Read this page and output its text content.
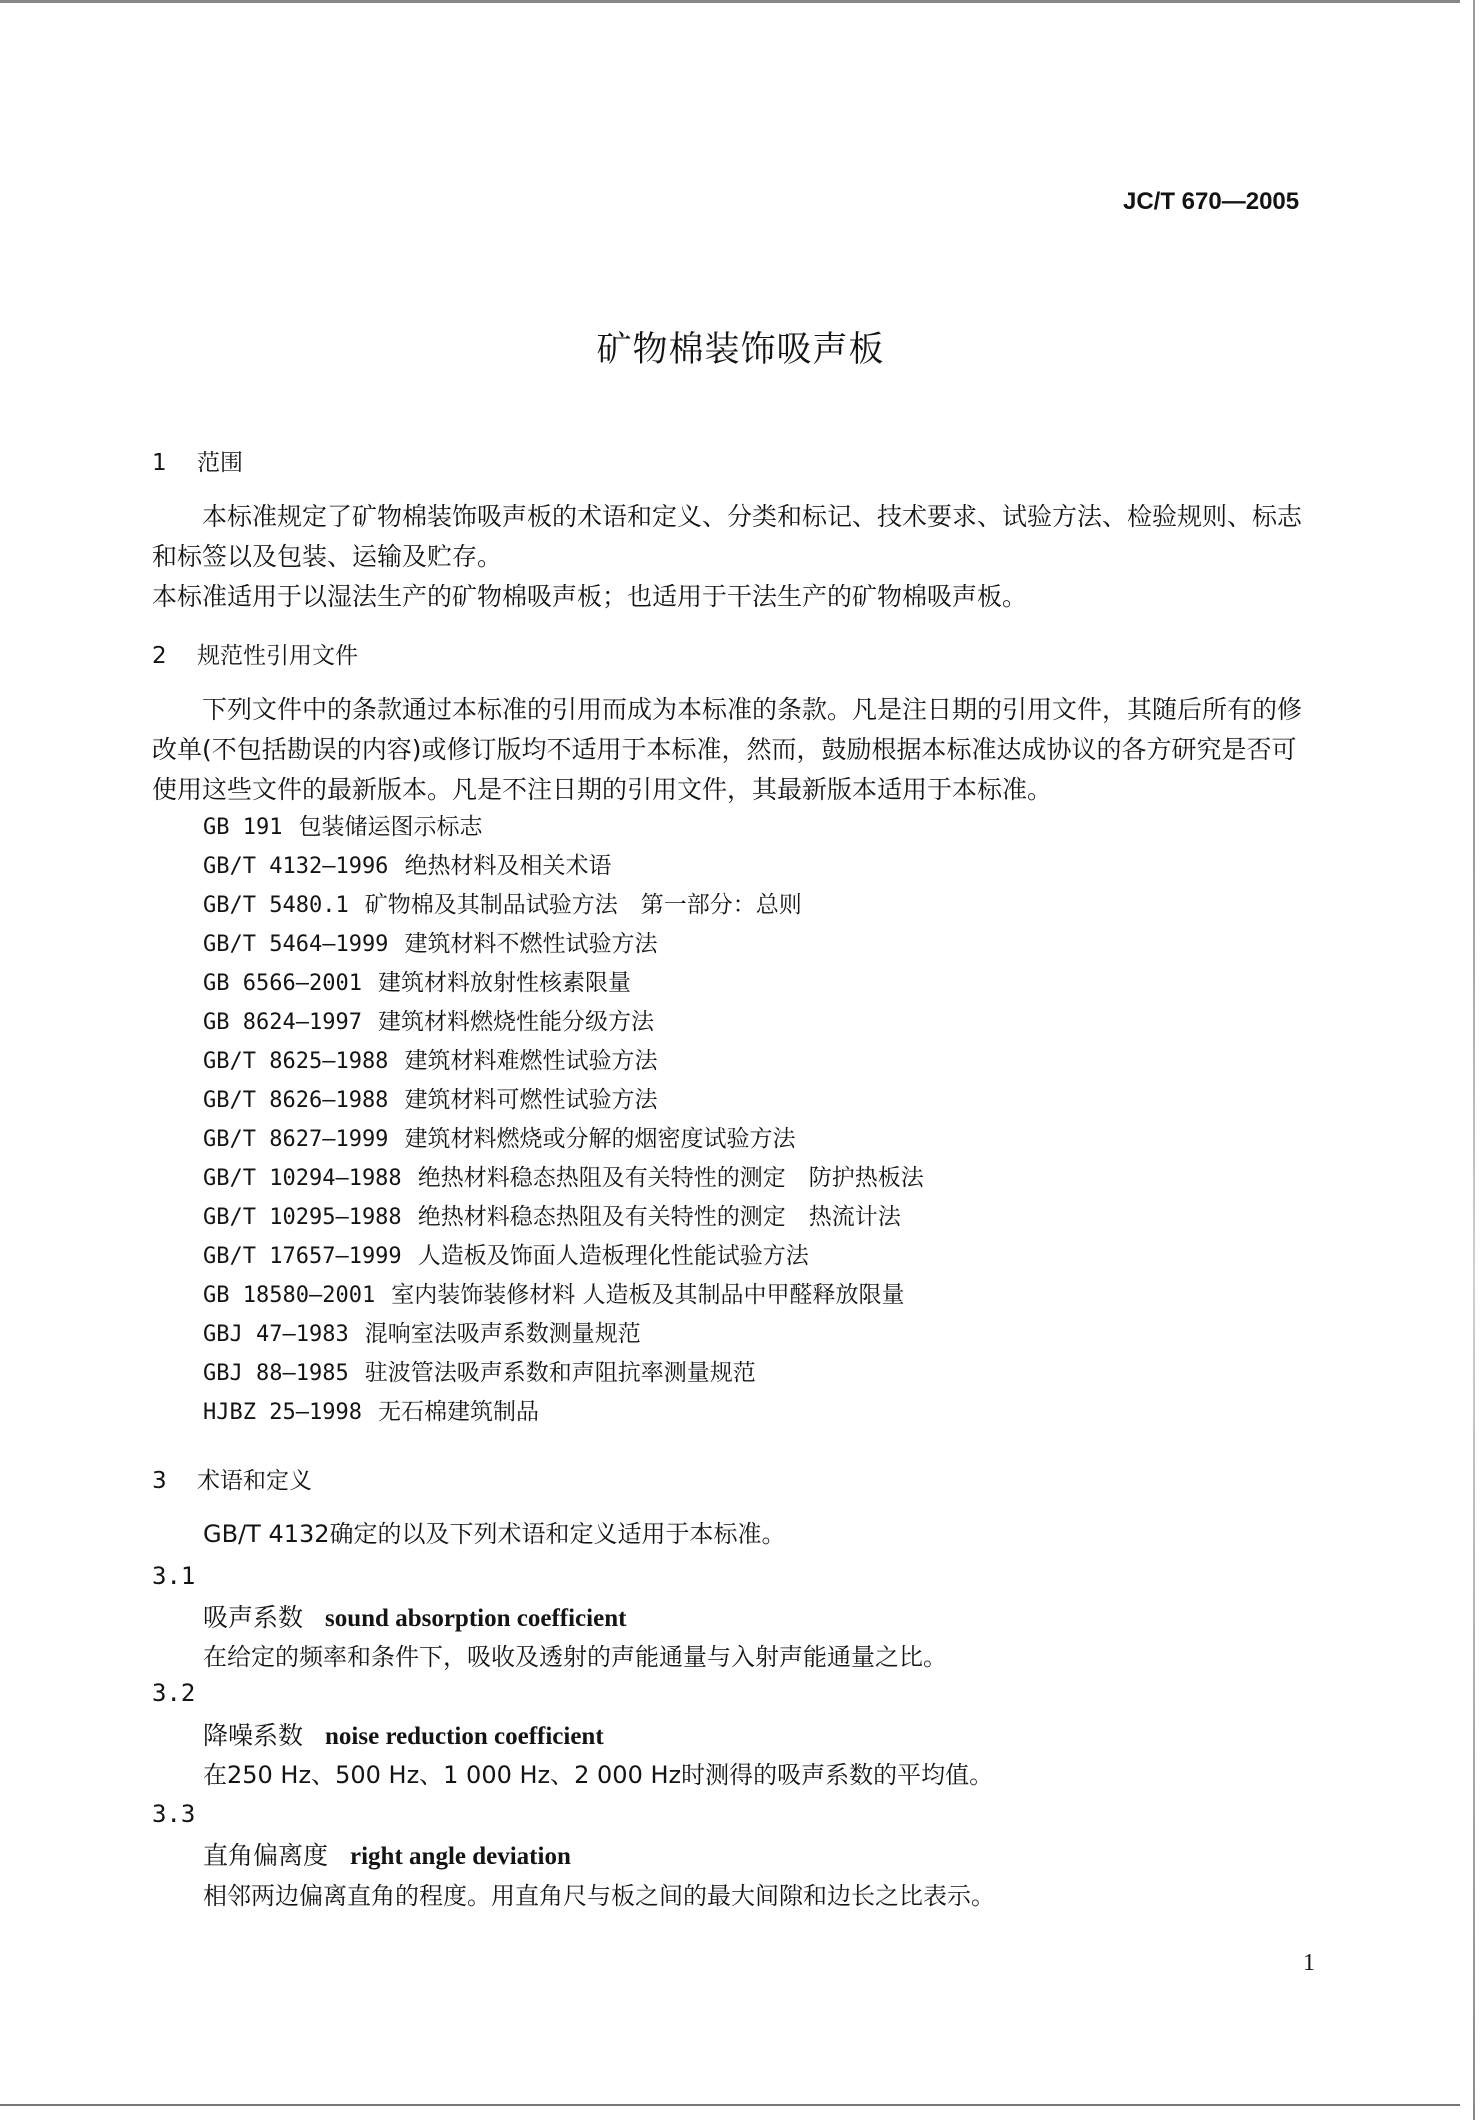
JC/T 670—2005
矿物棉装饰吸声板
1 范围
本标准规定了矿物棉装饰吸声板的术语和定义、分类和标记、技术要求、试验方法、检验规则、标志和标签以及包装、运输及贮存。
本标准适用于以湿法生产的矿物棉吸声板；也适用于干法生产的矿物棉吸声板。
2 规范性引用文件
下列文件中的条款通过本标准的引用而成为本标准的条款。凡是注日期的引用文件，其随后所有的修改单(不包括勘误的内容)或修订版均不适用于本标准，然而，鼓励根据本标准达成协议的各方研究是否可使用这些文件的最新版本。凡是不注日期的引用文件，其最新版本适用于本标准。
GB 191 包装储运图示标志
GB/T 4132—1996 绝热材料及相关术语
GB/T 5480.1 矿物棉及其制品试验方法　第一部分：总则
GB/T 5464—1999 建筑材料不燃性试验方法
GB 6566—2001 建筑材料放射性核素限量
GB 8624—1997 建筑材料燃烧性能分级方法
GB/T 8625—1988 建筑材料难燃性试验方法
GB/T 8626—1988 建筑材料可燃性试验方法
GB/T 8627—1999 建筑材料燃烧或分解的烟密度试验方法
GB/T 10294—1988 绝热材料稳态热阻及有关特性的测定　防护热板法
GB/T 10295—1988 绝热材料稳态热阻及有关特性的测定　热流计法
GB/T 17657—1999 人造板及饰面人造板理化性能试验方法
GB 18580—2001 室内装饰装修材料 人造板及其制品中甲醛释放限量
GBJ 47—1983 混响室法吸声系数测量规范
GBJ 88—1985 驻波管法吸声系数和声阻抗率测量规范
HJBZ 25—1998 无石棉建筑制品
3 术语和定义
GB/T 4132确定的以及下列术语和定义适用于本标准。
3.1
吸声系数 sound absorption coefficient
在给定的频率和条件下，吸收及透射的声能通量与入射声能通量之比。
3.2
降噪系数 noise reduction coefficient
在250 Hz、500 Hz、1 000 Hz、2 000 Hz时测得的吸声系数的平均值。
3.3
直角偏离度 right angle deviation
相邻两边偏离直角的程度。用直角尺与板之间的最大间隙和边长之比表示。
1
